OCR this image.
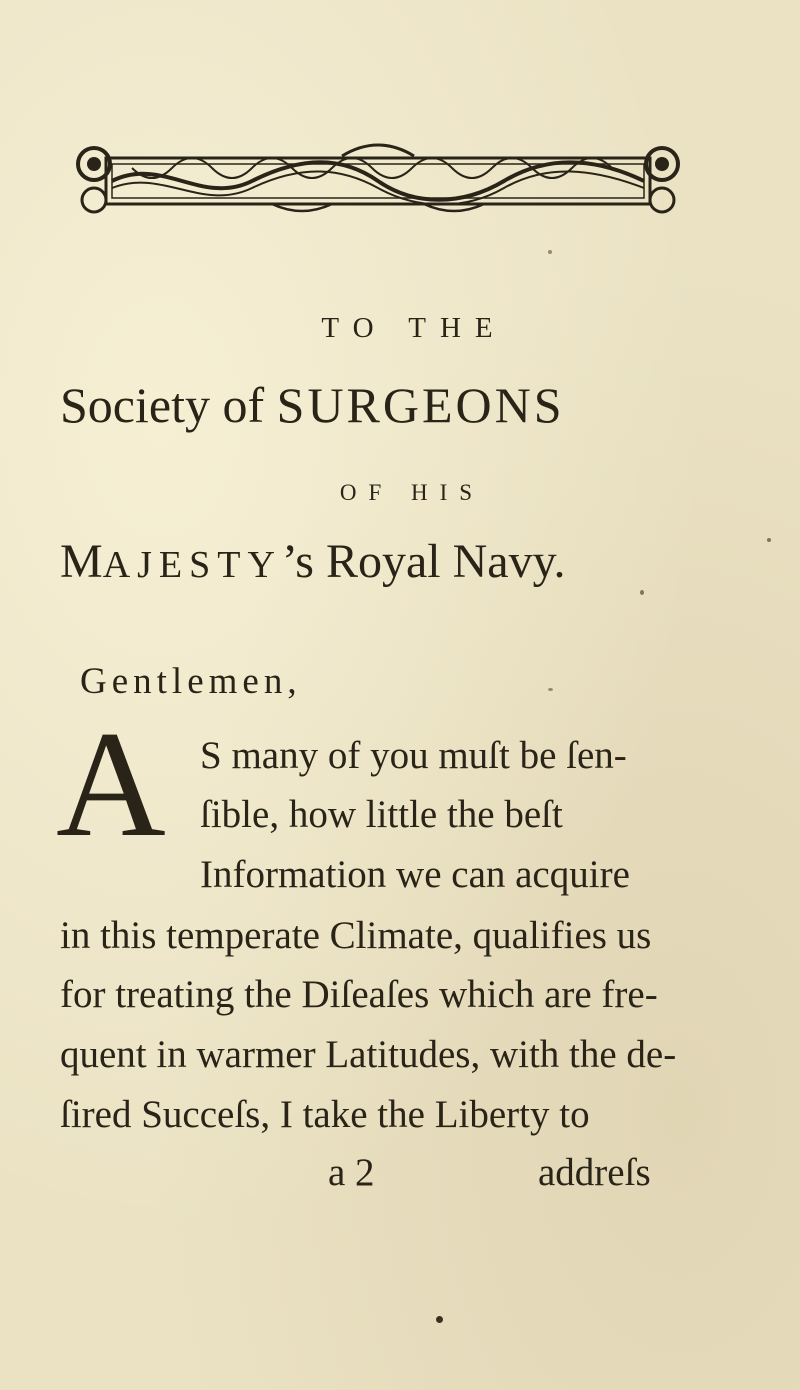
TO THE
Society of SURGEONS
OF HIS
MAJESTY’s Royal Navy.
Gentlemen,
A S many of you muſt be ſen-
ſible, how little the beſt
Information we can acquire
in this temperate Climate, qualifies us
for treating the Diſeaſes which are fre-
quent in warmer Latitudes, with the de-
ſired Succeſs, I take the Liberty to
a 2	addreſs
